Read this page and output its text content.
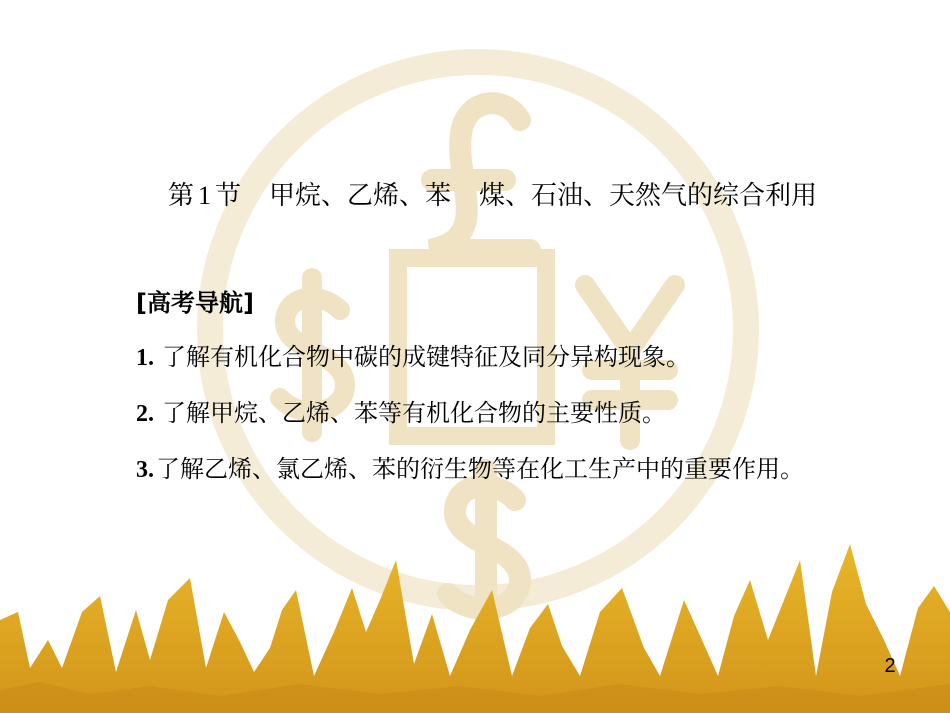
第 1 节 甲烷、乙烯、苯 煤、石油、天然气的综合利用
[高考导航]
1. 了解有机化合物中碳的成键特征及同分异构现象。
2. 了解甲烷、乙烯、苯等有机化合物的主要性质。
3.了解乙烯、氯乙烯、苯的衍生物等在化工生产中的重要作用。
2
